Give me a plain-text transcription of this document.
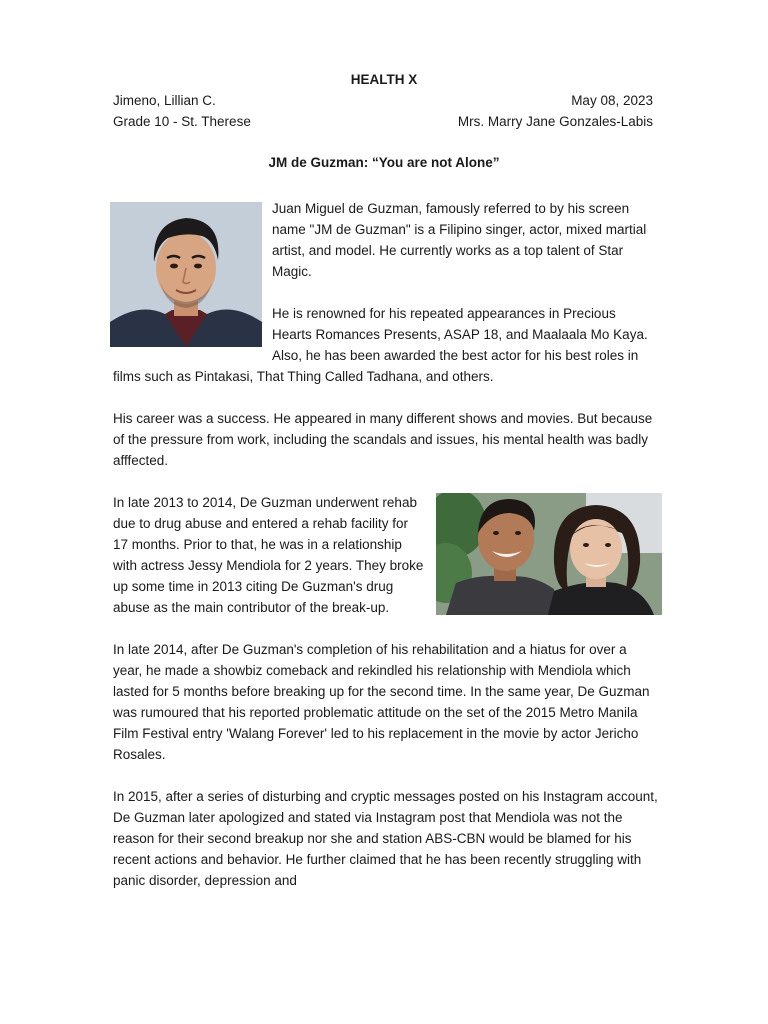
HEALTH X
Jimeno, Lillian C.	May 08, 2023
Grade 10 - St. Therese	Mrs. Marry Jane Gonzales-Labis
JM de Guzman: “You are not Alone”

Juan Miguel de Guzman, famously referred to by his screen name "JM de Guzman" is a Filipino singer, actor, mixed martial artist, and model. He currently works as a top talent of Star Magic.

He is renowned for his repeated appearances in Precious Hearts Romances Presents, ASAP 18, and Maalaala Mo Kaya. Also, he has been awarded the best actor for his best roles in films such as Pintakasi, That Thing Called Tadhana, and others.

His career was a success. He appeared in many different shows and movies. But because of the pressure from work, including the scandals and issues, his mental health was badly afffected.

In late 2013 to 2014, De Guzman underwent rehab due to drug abuse and entered a rehab facility for 17 months. Prior to that, he was in a relationship with actress Jessy Mendiola for 2 years. They broke up some time in 2013 citing De Guzman's drug abuse as the main contributor of the break-up.

In late 2014, after De Guzman's completion of his rehabilitation and a hiatus for over a year, he made a showbiz comeback and rekindled his relationship with Mendiola which lasted for 5 months before breaking up for the second time. In the same year, De Guzman was rumoured that his reported problematic attitude on the set of the 2015 Metro Manila Film Festival entry 'Walang Forever' led to his replacement in the movie by actor Jericho Rosales.

In 2015, after a series of disturbing and cryptic messages posted on his Instagram account, De Guzman later apologized and stated via Instagram post that Mendiola was not the reason for their second breakup nor she and station ABS-CBN would be blamed for his recent actions and behavior. He further claimed that he has been recently struggling with panic disorder, depression and
